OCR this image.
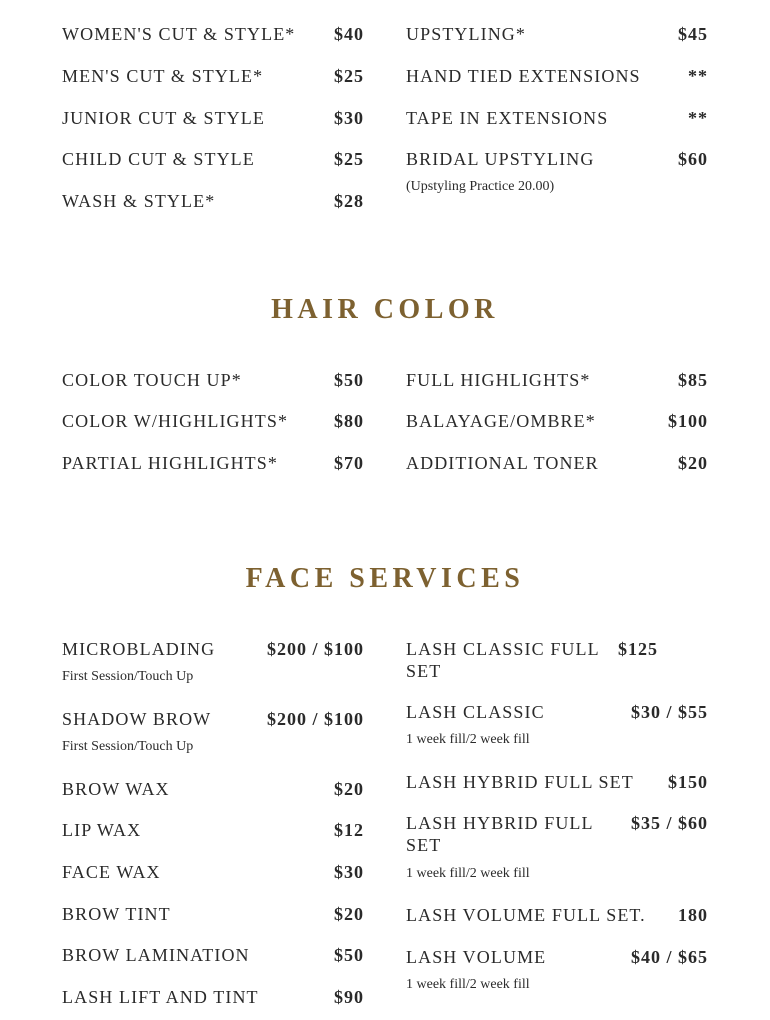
WOMEN'S CUT & STYLE* $40
MEN'S CUT & STYLE*	$25
JUNIOR CUT & STYLE	$30
CHILD CUT & STYLE	$25
WASH & STYLE*	$28
UPSTYLING*	$45
HAND TIED EXTENSIONS	**
TAPE IN EXTENSIONS	**
BRIDAL UPSTYLING	$60
(Upstyling Practice 20.00)
HAIR COLOR
COLOR TOUCH UP*	$50
COLOR W/HIGHLIGHTS*	$80
PARTIAL HIGHLIGHTS*	$70
FULL HIGHLIGHTS*	$85
BALAYAGE/OMBRE*	$100
ADDITIONAL TONER	$20
FACE SERVICES
MICROBLADING	$200 / $100
First Session/Touch Up
SHADOW BROW	$200 / $100
First Session/Touch Up
BROW WAX	$20
LIP WAX	$12
FACE WAX	$30
BROW TINT	$20
BROW LAMINATION	$50
LASH LIFT AND TINT	$90
LASH CLASSIC FULL SET
$125
LASH CLASSIC	$30 / $55
1 week fill/2 week fill
LASH HYBRID FULL SET $150
LASH HYBRID FULL SET
$35 / $60
1 week fill/2 week fill
LASH VOLUME FULL SET. 180
LASH VOLUME	$40 / $65
1 week fill/2 week fill
